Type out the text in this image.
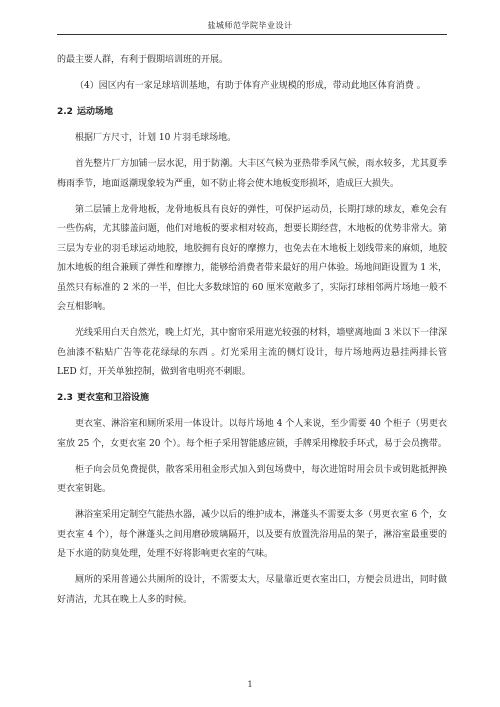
盐城师范学院毕业设计

的最主要人群，有利于假期培训班的开展。

（4）园区内有一家足球培训基地，有助于体育产业规模的形成，带动此地区体育消费 。

2.2 运动场地

根据厂方尺寸，计划 10 片羽毛球场地。

首先整片厂方加铺一层水泥，用于防潮。大丰区气候为亚热带季风气候，雨水较多，尤其夏季梅雨季节，地面返潮现象较为严重，如不防止将会使木地板变形损坏，造成巨大损失。

第二层铺上龙骨地板，龙骨地板具有良好的弹性，可保护运动员，长期打球的球友，难免会有一些伤病，尤其膝盖问题，他们对地板的要求相对较高，想要长期经营，木地板的优势非常大。第三层为专业的羽毛球运动地胶，地胶拥有良好的摩擦力，也免去在木地板上划线带来的麻烦，地胶加木地板的组合兼顾了弹性和摩擦力，能够给消费者带来最好的用户体验。场地间距设置为 1 米，虽然只有标准的 2 米的一半，但比大多数球馆的 60 厘米宽敞多了，实际打球相邻两片场地一般不会互相影响。

光线采用白天自然光，晚上灯光，其中窗帘采用遮光较强的材料，墙壁离地面 3 米以下一律深色油漆不粘贴广告等花花绿绿的东西 。灯光采用主流的侧灯设计，每片场地两边悬挂两排长管 LED 灯，开关单独控制，做到省电明亮不刺眼。

2.3 更衣室和卫浴设施

更衣室、淋浴室和厕所采用一体设计。以每片场地 4 个人来说，至少需要 40 个柜子（男更衣室放 25 个，女更衣室 20 个）。每个柜子采用智能感应锁，手牌采用橡胶手环式，易于会员携带。

柜子向会员免费提供，散客采用租金形式加入到包场费中，每次进馆时用会员卡或钥匙抵押换更衣室钥匙。

淋浴室采用定制空气能热水器，减少以后的维护成本，淋蓬头不需要太多（男更衣室 6 个，女更衣室 4 个），每个淋蓬头之间用磨砂玻璃隔开，以及要有放置洗浴用品的架子，淋浴室最重要的是下水道的防臭处理，处理不好将影响更衣室的气味。

厕所的采用普通公共厕所的设计，不需要太大，尽量靠近更衣室出口，方便会员进出，同时做好清洁，尤其在晚上人多的时候。

1
